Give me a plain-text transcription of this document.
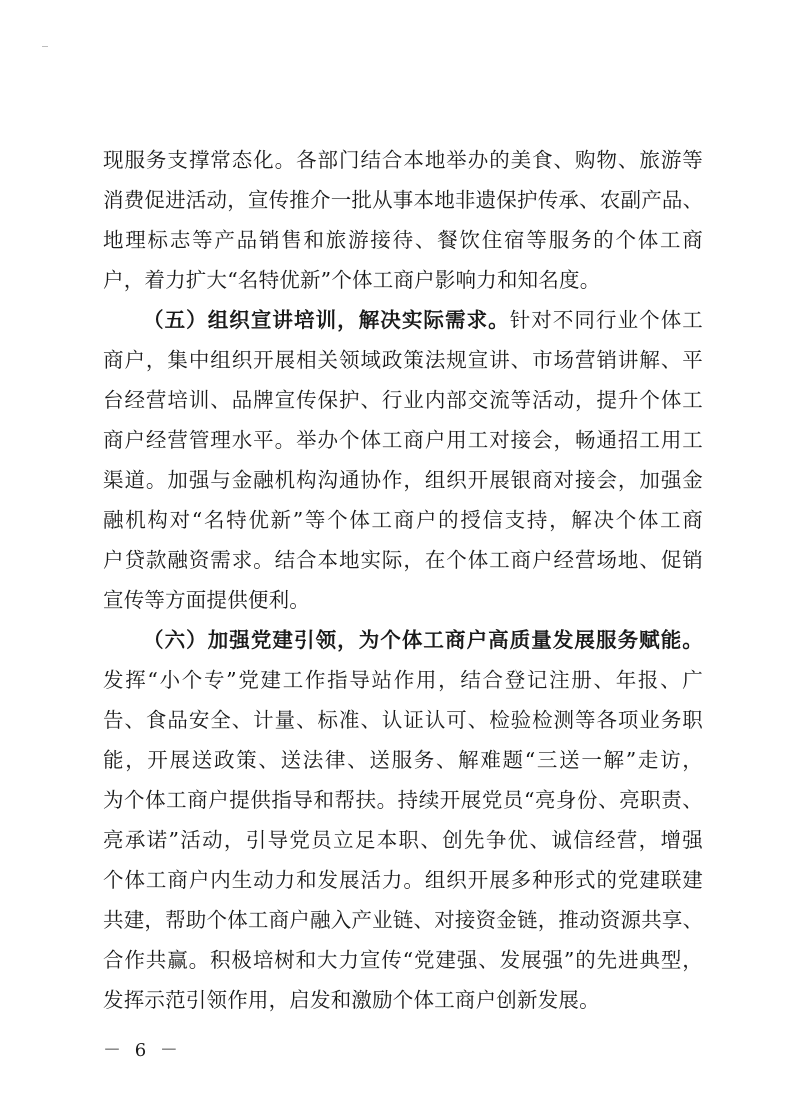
现服务支撑常态化。各部门结合本地举办的美食、购物、旅游等
消费促进活动，宣传推介一批从事本地非遗保护传承、农副产品、
地理标志等产品销售和旅游接待、餐饮住宿等服务的个体工商
户，着力扩大“名特优新”个体工商户影响力和知名度。
（五）组织宣讲培训，解决实际需求。针对不同行业个体工
商户，集中组织开展相关领域政策法规宣讲、市场营销讲解、平
台经营培训、品牌宣传保护、行业内部交流等活动，提升个体工
商户经营管理水平。举办个体工商户用工对接会，畅通招工用工
渠道。加强与金融机构沟通协作，组织开展银商对接会，加强金
融机构对“名特优新”等个体工商户的授信支持，解决个体工商
户贷款融资需求。结合本地实际，在个体工商户经营场地、促销
宣传等方面提供便利。
（六）加强党建引领，为个体工商户高质量发展服务赋能。
发挥“小个专”党建工作指导站作用，结合登记注册、年报、广
告、食品安全、计量、标准、认证认可、检验检测等各项业务职
能，开展送政策、送法律、送服务、解难题“三送一解”走访，
为个体工商户提供指导和帮扶。持续开展党员“亮身份、亮职责、
亮承诺”活动，引导党员立足本职、创先争优、诚信经营，增强
个体工商户内生动力和发展活力。组织开展多种形式的党建联建
共建，帮助个体工商户融入产业链、对接资金链，推动资源共享、
合作共赢。积极培树和大力宣传“党建强、发展强”的先进典型，
发挥示范引领作用，启发和激励个体工商户创新发展。
－ 6 －
